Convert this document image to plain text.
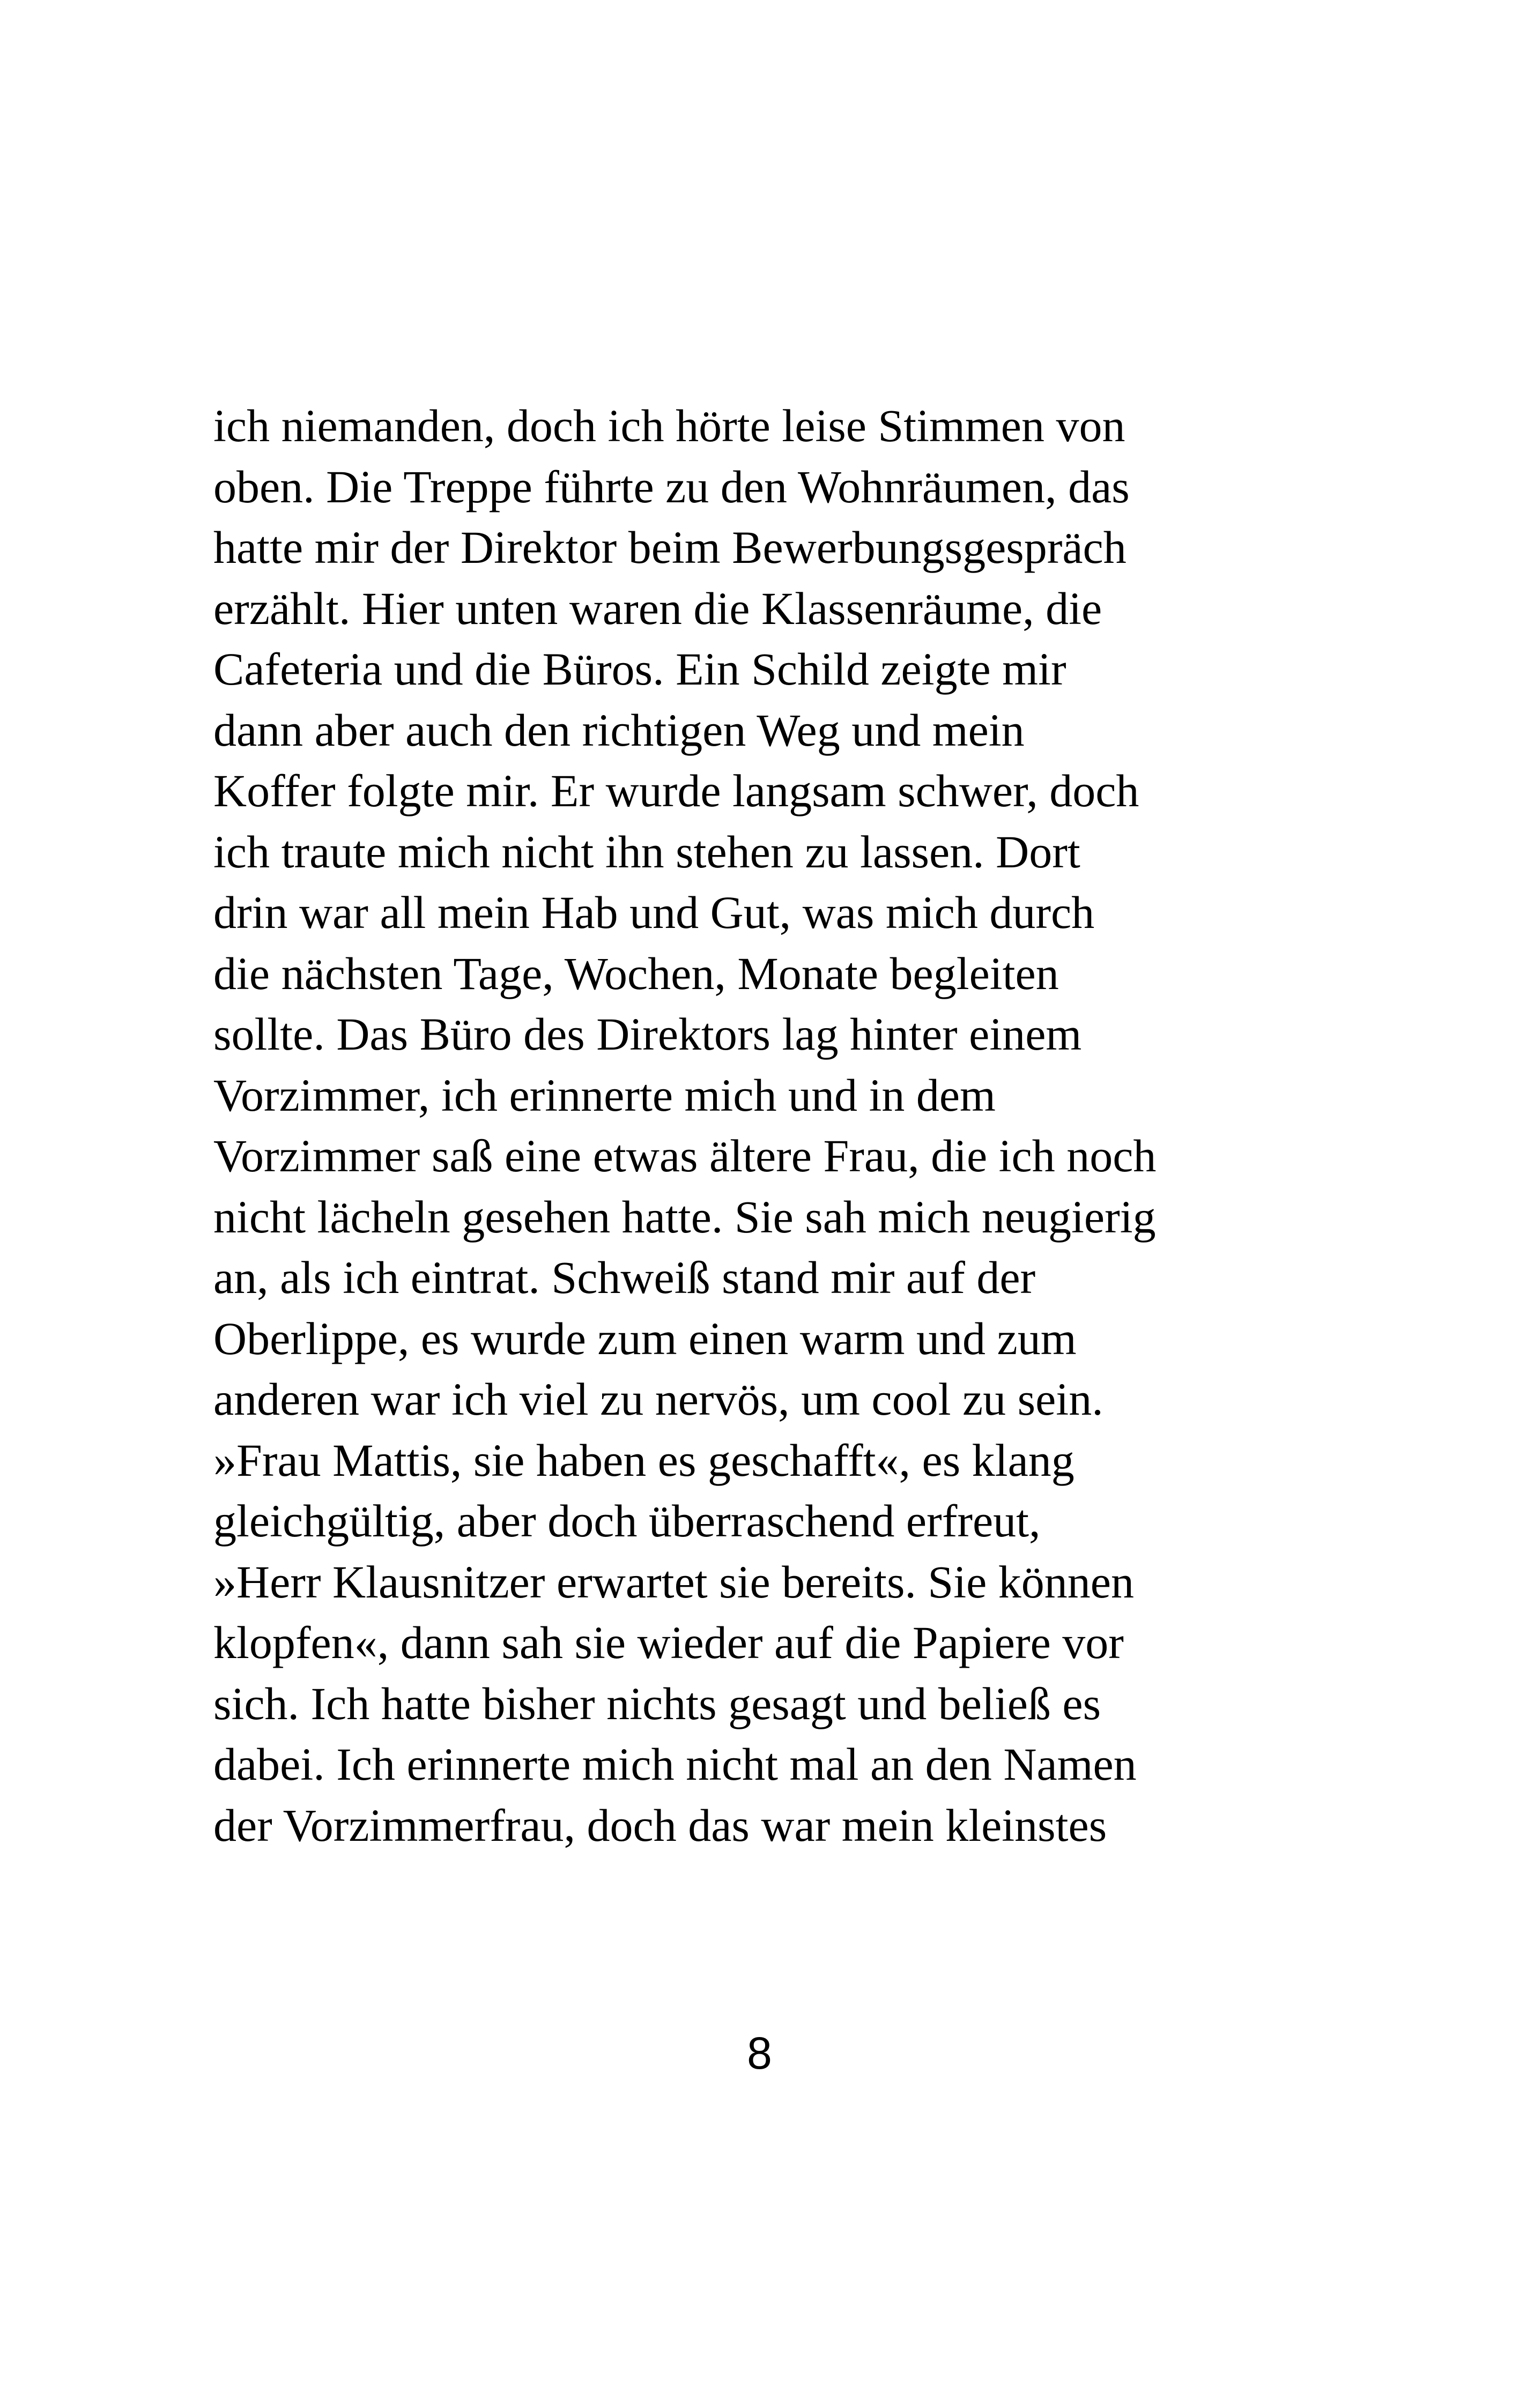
ich niemanden, doch ich hörte leise Stimmen von
oben. Die Treppe führte zu den Wohnräumen, das
hatte mir der Direktor beim Bewerbungsgespräch
erzählt. Hier unten waren die Klassenräume, die
Cafeteria und die Büros. Ein Schild zeigte mir
dann aber auch den richtigen Weg und mein
Koffer folgte mir. Er wurde langsam schwer, doch
ich traute mich nicht ihn stehen zu lassen. Dort
drin war all mein Hab und Gut, was mich durch
die nächsten Tage, Wochen, Monate begleiten
sollte. Das Büro des Direktors lag hinter einem
Vorzimmer, ich erinnerte mich und in dem
Vorzimmer saß eine etwas ältere Frau, die ich noch
nicht lächeln gesehen hatte. Sie sah mich neugierig
an, als ich eintrat. Schweiß stand mir auf der
Oberlippe, es wurde zum einen warm und zum
anderen war ich viel zu nervös, um cool zu sein.
»Frau Mattis, sie haben es geschafft«, es klang
gleichgültig, aber doch überraschend erfreut,
»Herr Klausnitzer erwartet sie bereits. Sie können
klopfen«, dann sah sie wieder auf die Papiere vor
sich. Ich hatte bisher nichts gesagt und beließ es
dabei. Ich erinnerte mich nicht mal an den Namen
der Vorzimmerfrau, doch das war mein kleinstes
8
